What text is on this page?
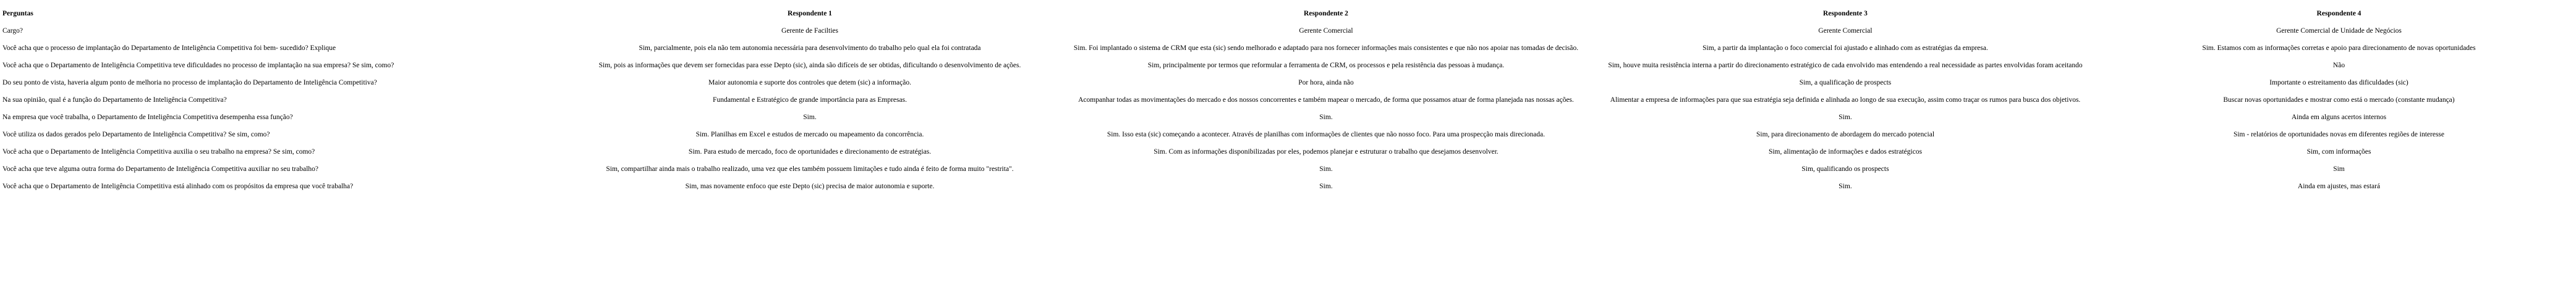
Perguntas	Respondente 1	Respondente 2	Respondente 3	Respondente 4
Cargo?	Gerente de Facilties	Gerente Comercial	Gerente Comercial	Gerente Comercial de Unidade de Negócios
Você acha que o processo de implantação do Departamento de Inteligência Competitiva foi bem- sucedido? Explique	Sim, parcialmente, pois ela não tem autonomia necessária para desenvolvimento do trabalho pelo qual ela foi contratada	Sim. Foi implantado o sistema de CRM que esta (sic) sendo melhorado e adaptado para nos fornecer informações mais consistentes e que não nos apoiar nas tomadas de decisão.	Sim, a partir da implantação o foco comercial foi ajustado e alinhado com as estratégias da empresa.	Sim. Estamos com as informações corretas e apoio para direcionamento de novas oportunidades
Você acha que o Departamento de Inteligência Competitiva teve dificuldades no processo de implantação na sua empresa? Se sim, como?	Sim, pois as informações que devem ser fornecidas para esse Depto (sic), ainda são difíceis de ser obtidas, dificultando o desenvolvimento de ações.	Sim, principalmente por termos que reformular a ferramenta de CRM, os processos e pela resistência das pessoas à mudança.	Sim, houve muita resistência interna a partir do direcionamento estratégico de cada envolvido mas entendendo a real necessidade as partes envolvidas foram aceitando	Não
Do seu ponto de vista, haveria algum ponto de melhoria no processo de implantação do Departamento de Inteligência Competitiva?	Maior autonomia e suporte dos controles que detem (sic) a informação.	Por hora, ainda não	Sim, a qualificação de prospects	Importante o estreitamento das dificuldades (sic)
Na sua opinião, qual é a função do Departamento de Inteligência Competitiva?	Fundamental e Estratégico de grande importância para as Empresas.	Acompanhar todas as movimentações do mercado e dos nossos concorrentes e também mapear o mercado, de forma que possamos atuar de forma planejada nas nossas ações.	Alimentar a empresa de informações para que sua estratégia seja definida e alinhada ao longo de sua execução, assim como traçar os rumos para busca dos objetivos.	Buscar novas oportunidades e mostrar como está o mercado (constante mudança)
Na empresa que você trabalha, o Departamento de Inteligência Competitiva desempenha essa função?	Sim.	Sim.	Sim.	Ainda em alguns acertos internos
Você utiliza os dados gerados pelo Departamento de Inteligência Competitiva? Se sim, como?	Sim. Planilhas em Excel e estudos de mercado ou mapeamento da concorrência.	Sim. Isso esta (sic) começando a acontecer. Através de planilhas com informações de clientes que não nosso foco. Para uma prospecção mais direcionada.	Sim, para direcionamento de abordagem do mercado potencial	Sim - relatórios de oportunidades novas em diferentes regiões de interesse
Você acha que o Departamento de Inteligência Competitiva auxilia o seu trabalho na empresa? Se sim, como?	Sim. Para estudo de mercado, foco de oportunidades e direcionamento de estratégias.	Sim. Com as informações disponibilizadas por eles, podemos planejar e estruturar o trabalho que desejamos desenvolver.	Sim, alimentação de informações e dados estratégicos	Sim, com informações
Você acha que teve alguma outra forma do Departamento de Inteligência Competitiva auxiliar no seu trabalho?	Sim, compartilhar ainda mais o trabalho realizado, uma vez que eles também possuem limitações e tudo ainda é feito de forma muito "restrita".	Sim.	Sim, qualificando os prospects	Sim
Você acha que o Departamento de Inteligência Competitiva está alinhado com os propósitos da empresa que você trabalha?	Sim, mas novamente enfoco que este Depto (sic) precisa de maior autonomia e suporte.	Sim.	Sim.	Ainda em ajustes, mas estará
